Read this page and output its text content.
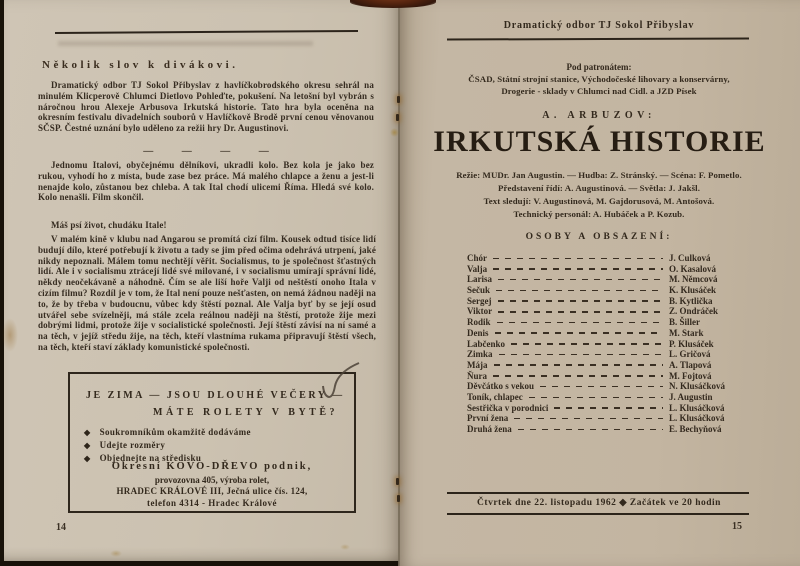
Několik slov k divákovi.
Dramatický odbor TJ Sokol Přibyslav z havlíčkobrodského okresu sehrál na minulém Klicperově Chlumci Dietlovo Pohleďte, pokušení. Na letošní byl vybrán s náročnou hrou Alexeje Arbusova Irkutská historie. Tato hra byla oceněna na okresním festivalu divadelních souborů v Havlíčkově Brodě první cenou věnovanou SČSP. Čestné uznání bylo uděleno za režii hry Dr. Augustinovi.
— — — —
Jednomu Italovi, obyčejnému dělníkovi, ukradli kolo. Bez kola je jako bez rukou, vyhodí ho z místa, bude zase bez práce. Má malého chlapce a ženu a jest-li nenajde kolo, zůstanou bez chleba. A tak Ital chodí ulicemi Říma. Hledá své kolo. Kolo nenašli. Film skončil.
Máš psí život, chudáku Itale!
V malém kině v klubu nad Angarou se promítá cizí film. Kousek odtud tisíce lidí budují dílo, které potřebují k životu a tady se jim před očima odehrává utrpení, jaké nikdy nepoznali. Málem tomu nechtějí věřit. Socialismus, to je společnost šťastných lidí. Ale i v socialismu ztrácejí lidé své milované, i v socialismu umírají správní lidé, někdy neočekávaně a náhodně. Čím se ale liší hoře Valji od neštěstí onoho Itala v cizím filmu? Rozdíl je v tom, že Ital není pouze nešťasten, on nemá žádnou naději na to, že by třeba v budoucnu, vůbec kdy štěstí poznal. Ale Valja byť by se její osud utvářel sebe svízelněji, má stále zcela reálnou naději na štěstí, protože žije mezi dobrými lidmi, protože žije v socialistické společnosti. Její štěstí závisí na ní samé a na těch, v jejíž středu žije, na těch, kteří vlastníma rukama připravují štěstí všech, na těch, kteří staví základy komunistické společnosti.
JE ZIMA — JSOU DLOUHÉ VEČERY —
MÁTE ROLETY V BYTĚ?
◆ Soukromníkům okamžitě dodáváme
◆ Udejte rozměry
◆ Objednejte na středisku
Okresní KOVO-DŘEVO podnik,
provozovna 405, výroba rolet,
HRADEC KRÁLOVÉ III, Ječná ulice čís. 124,
telefon 4314 - Hradec Králové
14
Dramatický odbor TJ Sokol Přibyslav
Pod patronátem:
ČSAD, Státní strojní stanice, Východočeské lihovary a konservárny,
Drogerie - sklady v Chlumci nad Cidl. a JZD Písek
A. ARBUZOV:
IRKUTSKÁ HISTORIE
Režie: MUDr. Jan Augustin. — Hudba: Z. Stránský. — Scéna: F. Pometlo.
Představení řídí: A. Augustinová. — Světla: J. Jakšl.
Text sledují: V. Augustinová, M. Gajdorusová, M. Antošová.
Technický personál: A. Hubáček a P. Kozub.
OSOBY A OBSAZENÍ:
Chór	J. Culková
Valja	O. Kasalová
Larisa	M. Němcová
Sečuk	K. Klusáček
Sergej	B. Kytlička
Viktor	Z. Ondráček
Rodik	B. Šiller
Denis	M. Stark
Labčenko	P. Klusáček
Zimka	L. Gričová
Mája	A. Tlapová
Ňura	M. Fojtová
Děvčátko s vekou	N. Klusáčková
Toník, chlapec	J. Augustin
Sestřička v porodnici	L. Klusáčková
První žena	L. Klusáčková
Druhá žena	E. Bechyňová
Čtvrtek dne 22. listopadu 1962 ◆ Začátek ve 20 hodin
15
